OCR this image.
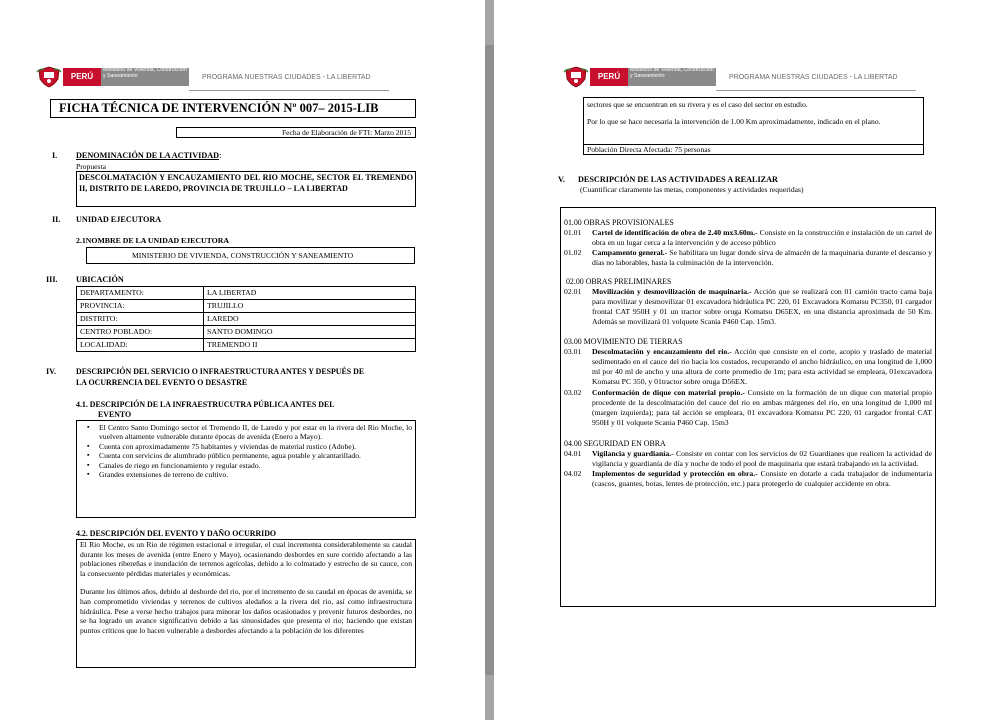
PERÚ
Ministerio de Vivienda, Construcción y Saneamiento	PROGRAMA NUESTRAS CIUDADES - LA LIBERTAD
FICHA TÉCNICA DE INTERVENCIÓN Nº 007– 2015-LIB
Fecha de Elaboración de FTI: Marzo 2015
I. DENOMINACIÓN DE LA ACTIVIDAD:
Propuesta
DESCOLMATACIÓN Y ENCAUZAMIENTO DEL RIO MOCHE, SECTOR EL TREMENDO II, DISTRITO DE LAREDO, PROVINCIA DE TRUJILLO – LA LIBERTAD
II. UNIDAD EJECUTORA
2.1NOMBRE DE LA UNIDAD EJECUTORA
MINISTERIO DE VIVIENDA, CONSTRUCCIÓN Y SANEAMIENTO
III. UBICACIÓN
DEPARTAMENTO:	LA LIBERTAD
PROVINCIA:	TRUJILLO
DISTRITO:	LAREDO
CENTRO POBLADO:	SANTO DOMINGO
LOCALIDAD:	TREMENDO II
IV.	DESCRIPCIÓN DEL SERVICIO O INFRAESTRUCTURA ANTES Y DESPUÉS DE
LA OCURRENCIA DEL EVENTO O DESASTRE
4.1. DESCRIPCIÓN DE LA INFRAESTRUCUTRA PÚBLICA ANTES DEL
EVENTO
▪ El Centro Santo Domingo sector el Tremendo II, de Laredo y por estar en la rivera del Rio Moche, lo vuelven altamente vulnerable durante épocas de avenida (Enero a Mayo).
▪ Cuenta con aproximadamente 75 habitantes y viviendas de material rustico (Adobe).
▪ Cuenta con servicios de alumbrado público permanente, agua potable y alcantarillado.
▪ Canales de riego en funcionamiento y regular estado.
▪ Grandes extensiones de terreno de cultivo.
4.2. DESCRIPCIÓN DEL EVENTO Y DAÑO OCURRIDO
El Rio Moche, es un Rio de régimen estacional e irregular, el cual incrementa considerablemente su caudal durante los meses de avenida (entre Enero y Mayo), ocasionando desbordes en sure corrido afectando a las poblaciones ribereñas e inundación de terrenos agrícolas, debido a lo colmatado y estrecho de su cauce, con la consecuente pérdidas materiales y económicas.
Durante los últimos años, debido al desborde del rio, por el incremento de su caudal en épocas de avenida, se han comprometido viviendas y terrenos de cultivos aledaños a la rivera del rio, así como infraestructura hidráulica. Pese a verse hecho trabajos para minorar los daños ocasionados y prevenir futuros desbordes, no se ha logrado un avance significativo debido a las sinuosidades que presenta el rio; haciendo que existan puntos críticos que lo hacen vulnerable a desbordes afectando a la población de los diferentes
PERÚ
Ministerio de Vivienda, Construcción y Saneamiento	PROGRAMA NUESTRAS CIUDADES - LA LIBERTAD
sectores que se encuentran en su rivera y es el caso del sector en estudio.
Por lo que se hace necesaria la intervención de 1.00 Km aproximadamente, indicado en el plano.
Población Directa Afectada: 75 personas
V. DESCRIPCIÓN DE LAS ACTIVIDADES A REALIZAR
(Cuantificar claramente las metas, componentes y actividades requeridas)
01.00 OBRAS PROVISIONALES
01.01 Cartel de identificación de obra de 2.40 mx3.60m.- Consiste en la construcción e instalación de un cartel de obra en un lugar cerca a la intervención y de acceso público
01.02 Campamento general.- Se habilitara un lugar donde sirva de almacén de la maquinaria durante el descanso y días no laborables, hasta la culminación de la intervención.
02.00 OBRAS PRELIMINARES
02.01 Movilización y desmovilización de maquinaria.- Acción que se realizará con 01 camión tracto cama baja para movilizar y desmovilizar 01 excavadora hidráulica PC 220, 01 Excavadora Komatsu PC350, 01 cargador frontal CAT 950H y 01 un tractor sobre oruga Komatsu D65EX, en una distancia aproximada de 50 Km. Además se movilizará 01 volquete Scania P460 Cap. 15m3.
03.00 MOVIMIENTO DE TIERRAS
03.01 Descolmatación y encauzamiento del rio.- Acción que consiste en el corte, acopio y traslado de material sedimentado en el cauce del rio hacia los costados, recuperando el ancho hidráulico, en una longitud de 1,000 ml por 40 ml de ancho y una altura de corte promedio de 1m; para esta actividad se empleara, 01excavadora Komatsu PC 350, y 01tractor sobre oruga D56EX.
03.02 Conformación de dique con material propio.- Consiste en la formación de un dique con material propio procedente de la descolmatación del cauce del rio en ambas márgenes del río, en una longitud de 1,000 ml (margen izquierda); para tal acción se empleara, 01 excavadora Komatsu PC 220, 01 cargador frontal CAT 950H y 01 volquete Scania P460 Cap. 15m3
04.00 SEGURIDAD EN OBRA
04.01 Vigilancia y guardianía.- Consiste en contar con los servicios de 02 Guardianes que realicen la actividad de vigilancia y guardianía de día y noche de todo el pool de maquinaria que estará trabajando en la actividad.
04.02 Implementos de seguridad y protección en obra.- Consiste en dotarle a cada trabajador de indumentaria (cascos, guantes, botas, lentes de protección, etc.) para protegerlo de cualquier accidente en obra.
